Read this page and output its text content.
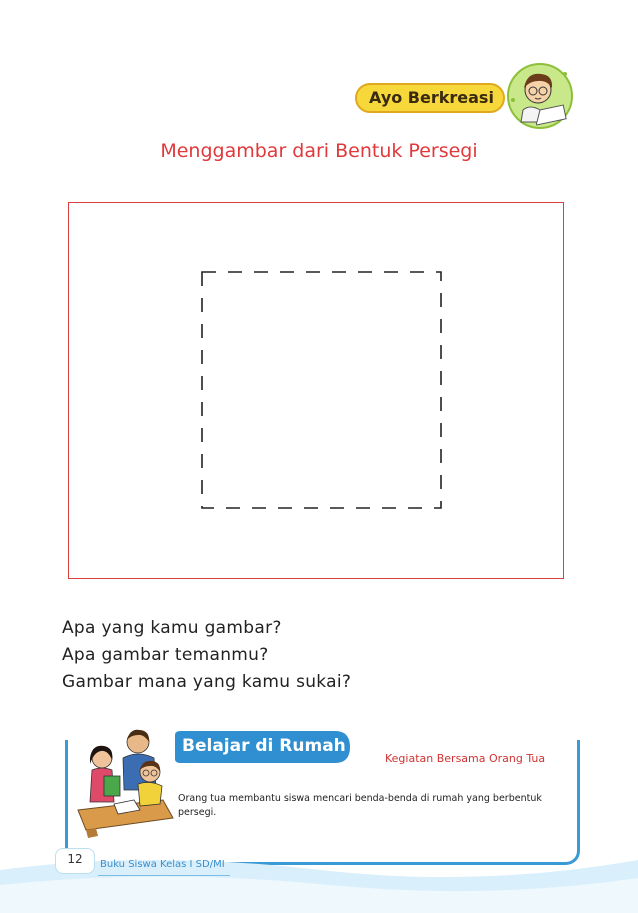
Ayo Berkreasi
Menggambar dari Bentuk Persegi
Apa yang kamu gambar?
Apa gambar temanmu?
Gambar mana yang kamu sukai?
Belajar di Rumah
Kegiatan Bersama Orang Tua
Orang tua membantu siswa mencari benda-benda di rumah yang berbentuk persegi.
12	Buku Siswa Kelas I SD/MI
